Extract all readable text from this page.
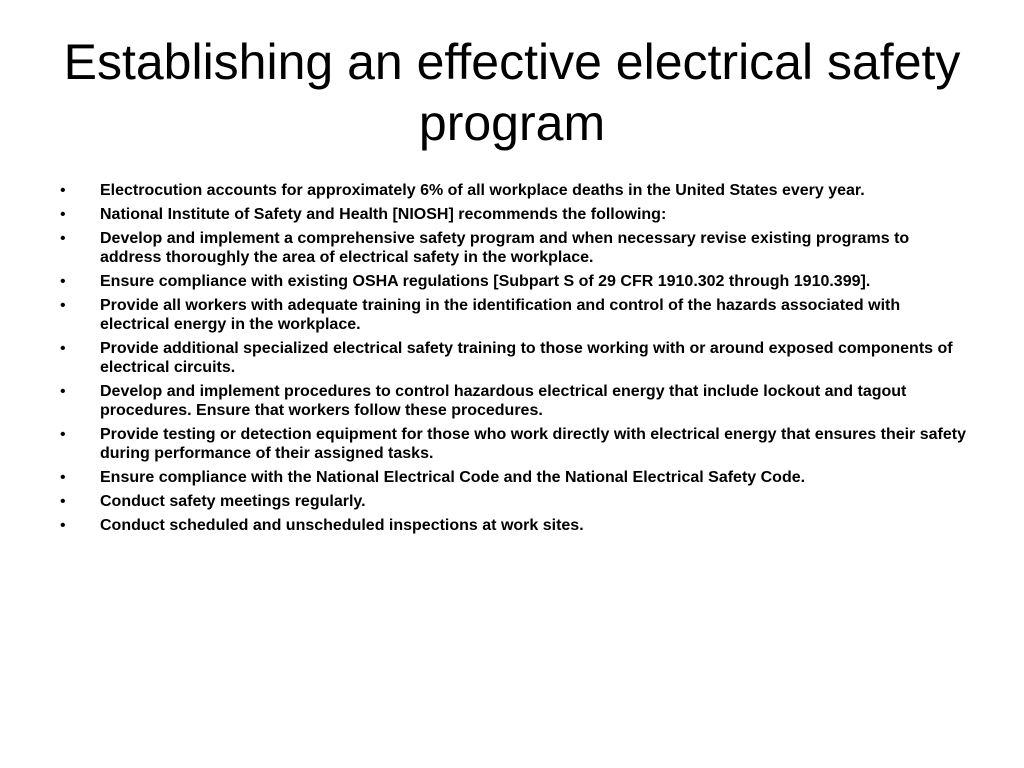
Establishing an effective electrical safety program
• Electrocution accounts for approximately 6% of all workplace deaths in the United States every year.
• National Institute of Safety and Health [NIOSH] recommends the following:
• Develop and implement a comprehensive safety program and when necessary revise existing programs to address thoroughly the area of electrical safety in the workplace.
• Ensure compliance with existing OSHA regulations [Subpart S of 29 CFR 1910.302 through 1910.399].
• Provide all workers with adequate training in the identification and control of the hazards associated with electrical energy in the workplace.
• Provide additional specialized electrical safety training to those working with or around exposed components of electrical circuits.
• Develop and implement procedures to control hazardous electrical energy that include lockout and tagout procedures. Ensure that workers follow these procedures.
• Provide testing or detection equipment for those who work directly with electrical energy that ensures their safety during performance of their assigned tasks.
• Ensure compliance with the National Electrical Code and the National Electrical Safety Code.
• Conduct safety meetings regularly.
• Conduct scheduled and unscheduled inspections at work sites.
